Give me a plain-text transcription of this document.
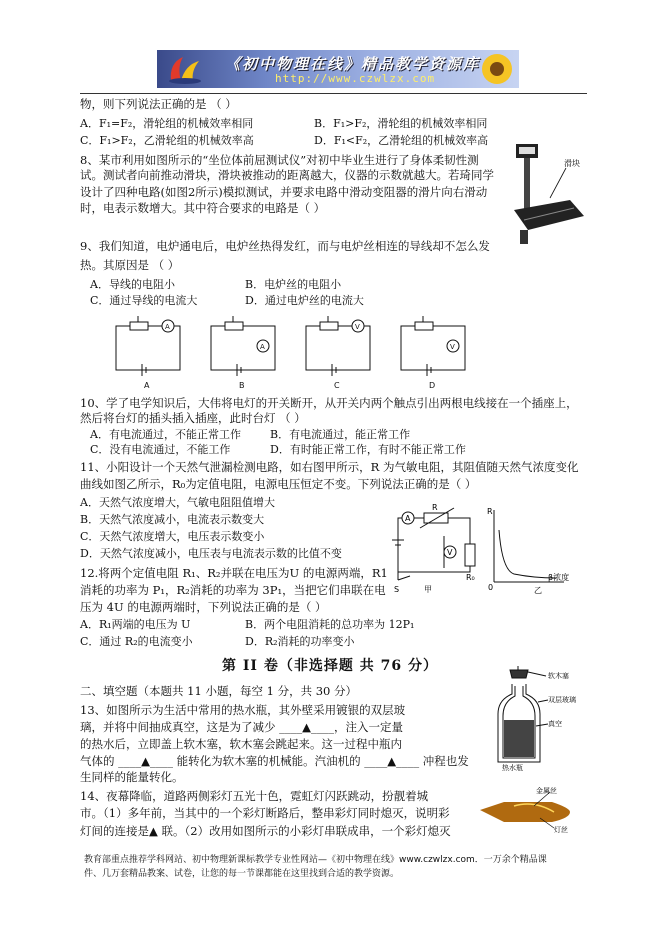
《初中物理在线》精品教学资源库
http://www.czwlzx.com
物，则下列说法正确的是 （ ）
A．F₁=F₂，滑轮组的机械效率相同	B．F₁>F₂，滑轮组的机械效率相同
C．F₁>F₂，乙滑轮组的机械效率高	D．F₁<F₂，乙滑轮组的机械效率高
8、某市利用如图所示的“坐位体前屈测试仪”对初中毕业生进行了身体柔韧性测
试。测试者向前推动滑块，滑块被推动的距离越大，仪器的示数就越大。若琦同学
设计了四种电路(如图2所示)模拟测试，并要求电路中滑动变阻器的滑片向右滑动
时，电表示数增大。其中符合要求的电路是（ ）
滑块
9、我们知道，电炉通电后，电炉丝热得发红，而与电炉丝相连的导线却不怎么发
热。其原因是 （ ）
A．导线的电阻小	B．电炉丝的电阻小
C．通过导线的电流大	D．通过电炉丝的电流大
A
A
A
B
V
C
V
D
10、学了电学知识后，大伟将电灯的开关断开，从开关内两个触点引出两根电线接在一个插座上，
然后将台灯的插头插入插座，此时台灯 （ ）
A．有电流通过，不能正常工作	B．有电流通过，能正常工作
C．没有电流通过，不能工作	D．有时能正常工作，有时不能正常工作
11、小阳设计一个天然气泄漏检测电路，如右图甲所示，R 为气敏电阻，其阻值随天然气浓度变化
曲线如图乙所示，R₀为定值电阻，电源电压恒定不变。下列说法正确的是（ ）
A．天然气浓度增大，气敏电阻阻值增大
B．天然气浓度减小，电流表示数变大
C．天然气浓度增大，电压表示数变小
D．天然气浓度减小，电压表与电流表示数的比值不变
A
V
R
R₀
S	甲
R
β浓度
0	乙
12.将两个定值电阻 R₁、R₂并联在电压为U 的电源两端，R1
消耗的功率为 P₁，R₂消耗的功率为 3P₁，当把它们串联在电
压为 4U 的电源两端时，下列说法正确的是（ ）
A．R₁两端的电压为 U	B．两个电阻消耗的总功率为 12P₁
C．通过 R₂的电流变小	D．R₂消耗的功率变小
第 II 卷（非选择题 共 76 分）
二、填空题（本题共 11 小题，每空 1 分，共 30 分）
13、如图所示为生活中常用的热水瓶，其外壁采用镀银的双层玻
璃，并将中间抽成真空，这是为了减少 ____▲____，注入一定量
的热水后，立即盖上软木塞，软木塞会跳起来。这一过程中瓶内
气体的 ____▲____ 能转化为软木塞的机械能。汽油机的 ____▲____ 冲程也发
生同样的能量转化。
软木塞
双层玻璃
真空
热水瓶
14、夜幕降临，道路两侧彩灯五光十色，霓虹灯闪跃跳动，扮靓着城
市。（1）多年前，当其中的一个彩灯断路后，整串彩灯同时熄灭，说明彩
灯间的连接是▲ 联。（2）改用如图所示的小彩灯串联成串，一个彩灯熄灭
金属丝
灯丝
教育部重点推荐学科网站、初中物理新课标教学专业性网站—《初中物理在线》www.czwlzx.com．一万余个精品课
件、几万套精品教案、试卷，让您的每一节课都能在这里找到合适的教学资源。
